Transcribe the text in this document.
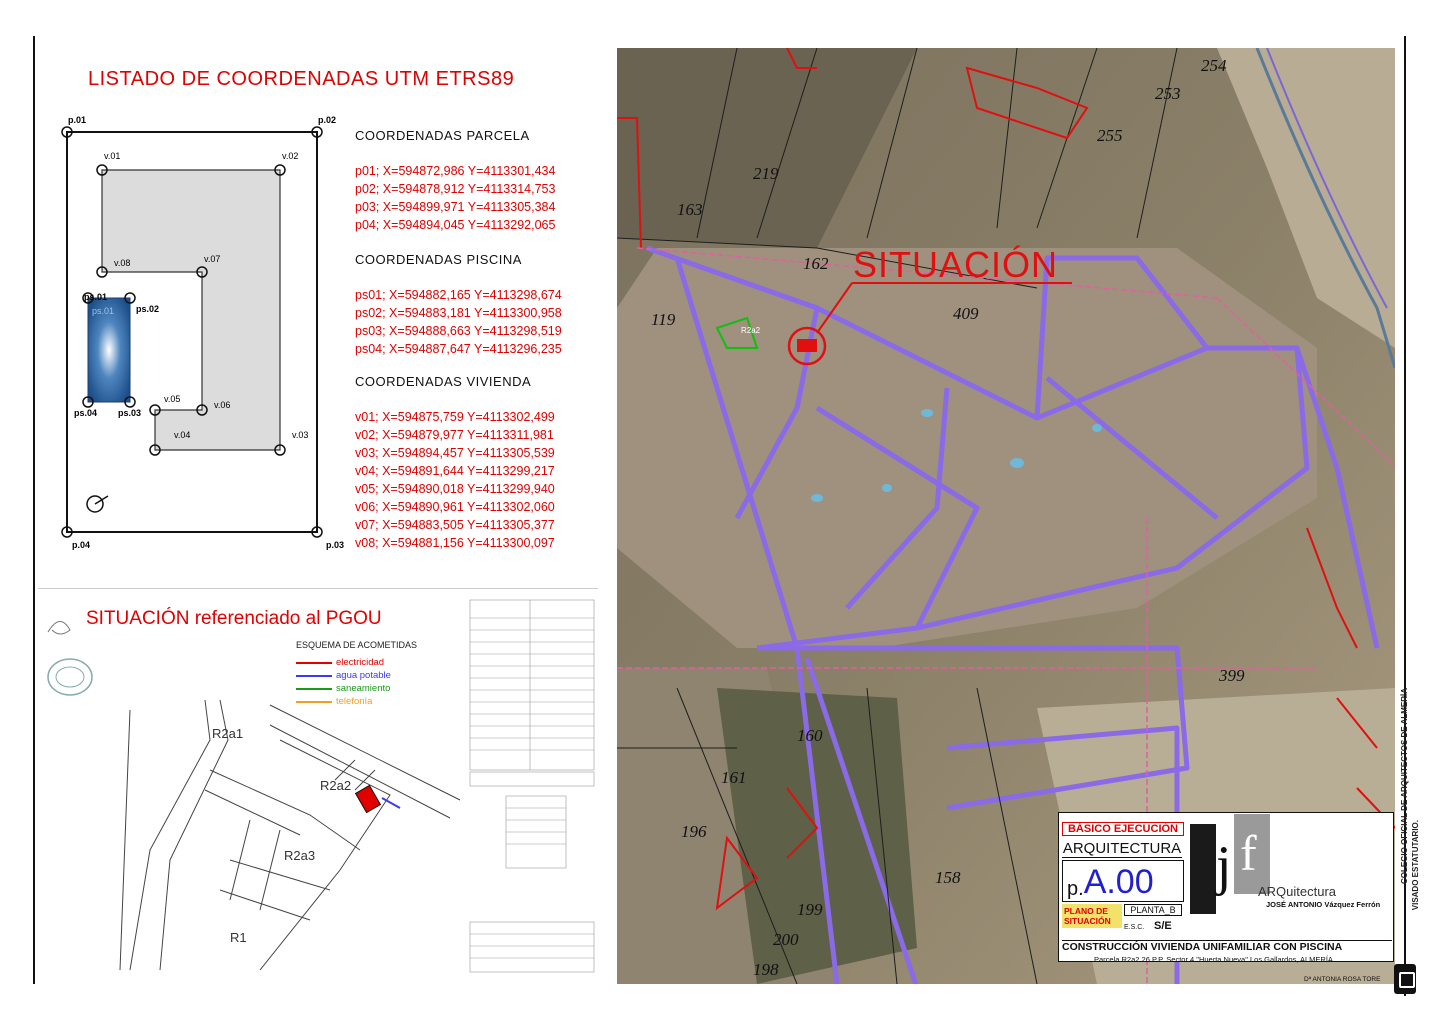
LISTADO DE COORDENADAS UTM ETRS89
p.01	p.02
p.03
p.04
v.01	v.02
v.03
v.04
v.05
v.06
v.07
v.08
ps.01
ps.02
ps.03
ps.04
ps.01
COORDENADAS PARCELA
p01; X=594872,986 Y=4113301,434
p02; X=594878,912 Y=4113314,753
p03; X=594899,971 Y=4113305,384
p04; X=594894,045 Y=4113292,065
COORDENADAS PISCINA
ps01; X=594882,165 Y=4113298,674
ps02; X=594883,181 Y=4113300,958
ps03; X=594888,663 Y=4113298,519
ps04; X=594887,647 Y=4113296,235
COORDENADAS VIVIENDA
v01; X=594875,759 Y=4113302,499
v02; X=594879,977 Y=4113311,981
v03; X=594894,457 Y=4113305,539
v04; X=594891,644 Y=4113299,217
v05; X=594890,018 Y=4113299,940
v06; X=594890,961 Y=4113302,060
v07; X=594883,505 Y=4113305,377
v08; X=594881,156 Y=4113300,097
SITUACIÓN referenciado al PGOU
ESQUEMA DE ACOMETIDAS
electricidad
agua potable
saneamiento
telefonía
R2a1
R2a2
R2a3
R1
SITUACIÓN
254
253
255
219
163
162
409
119
399
160
161
196
158
199
200
198
R2a2
COLEGIO OFICIAL DE ARQUITECTOS DE ALMERÍA VISADO ESTATUTARIO.
BÁSICO EJECUCIÓN
ARQUITECTURA
p. A.00
PLANO DE SITUACIÓN
PLANTA_B
E.S.C. S/E
j f
ARQuitectura
JOSÉ ANTONIO Vázquez Ferrón
CONSTRUCCIÓN VIVIENDA UNIFAMILIAR CON PISCINA
Parcela R2a2.26 P.P. Sector 4 "Huerta Nueva" Los Gallardos, ALMERÍA
Dª ANTONIA ROSA TORE
